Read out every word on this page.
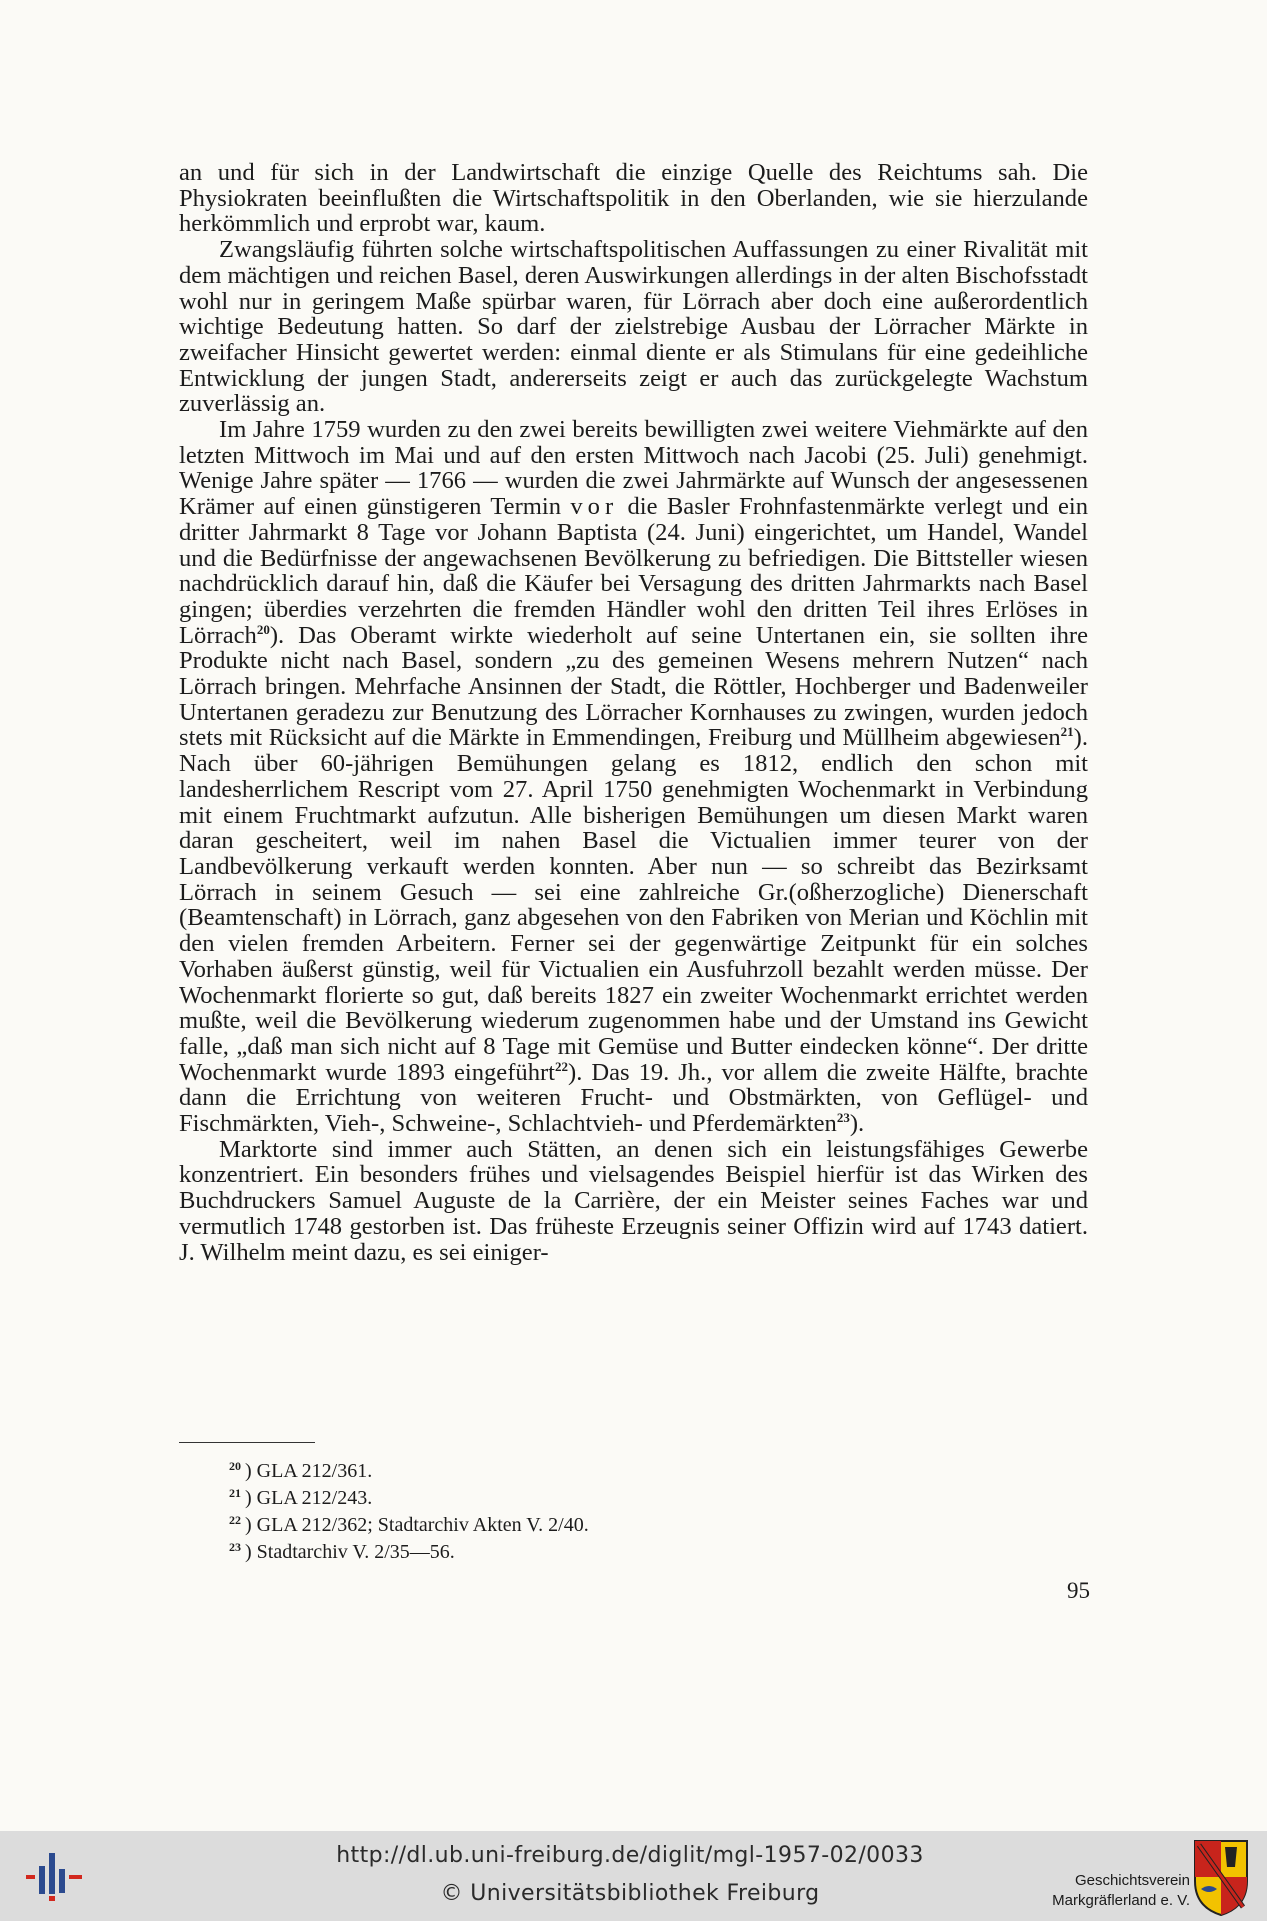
an und für sich in der Landwirtschaft die einzige Quelle des Reichtums sah. Die Physiokraten beeinflußten die Wirtschaftspolitik in den Oberlanden, wie sie hierzulande herkömmlich und erprobt war, kaum.

Zwangsläufig führten solche wirtschaftspolitischen Auffassungen zu einer Rivalität mit dem mächtigen und reichen Basel, deren Auswirkungen allerdings in der alten Bischofsstadt wohl nur in geringem Maße spürbar waren, für Lörrach aber doch eine außerordentlich wichtige Bedeutung hatten. So darf der zielstrebige Ausbau der Lörracher Märkte in zweifacher Hinsicht gewertet werden: einmal diente er als Stimulans für eine gedeihliche Entwicklung der jungen Stadt, andererseits zeigt er auch das zurückgelegte Wachstum zuverlässig an.

Im Jahre 1759 wurden zu den zwei bereits bewilligten zwei weitere Viehmärkte auf den letzten Mittwoch im Mai und auf den ersten Mittwoch nach Jacobi (25. Juli) genehmigt. Wenige Jahre später — 1766 — wurden die zwei Jahrmärkte auf Wunsch der angesessenen Krämer auf einen günstigeren Termin vor die Basler Frohnfastenmärkte verlegt und ein dritter Jahrmarkt 8 Tage vor Johann Baptista (24. Juni) eingerichtet, um Handel, Wandel und die Bedürfnisse der angewachsenen Bevölkerung zu befriedigen. Die Bittsteller wiesen nachdrücklich darauf hin, daß die Käufer bei Versagung des dritten Jahrmarkts nach Basel gingen; überdies verzehrten die fremden Händler wohl den dritten Teil ihres Erlöses in Lörrach$^{20}$). Das Oberamt wirkte wiederholt auf seine Untertanen ein, sie sollten ihre Produkte nicht nach Basel, sondern „zu des gemeinen Wesens mehrern Nutzen“ nach Lörrach bringen. Mehrfache Ansinnen der Stadt, die Röttler, Hochberger und Badenweiler Untertanen geradezu zur Benutzung des Lörracher Kornhauses zu zwingen, wurden jedoch stets mit Rücksicht auf die Märkte in Emmendingen, Freiburg und Müllheim abgewiesen$^{21}$). Nach über 60-jährigen Bemühungen gelang es 1812, endlich den schon mit landesherrlichem Rescript vom 27. April 1750 genehmigten Wochenmarkt in Verbindung mit einem Fruchtmarkt aufzutun. Alle bisherigen Bemühungen um diesen Markt waren daran gescheitert, weil im nahen Basel die Victualien immer teurer von der Landbevölkerung verkauft werden konnten. Aber nun — so schreibt das Bezirksamt Lörrach in seinem Gesuch — sei eine zahlreiche Gr.(oßherzogliche) Dienerschaft (Beamtenschaft) in Lörrach, ganz abgesehen von den Fabriken von Merian und Köchlin mit den vielen fremden Arbeitern. Ferner sei der gegenwärtige Zeitpunkt für ein solches Vorhaben äußerst günstig, weil für Victualien ein Ausfuhrzoll bezahlt werden müsse. Der Wochenmarkt florierte so gut, daß bereits 1827 ein zweiter Wochenmarkt errichtet werden mußte, weil die Bevölkerung wiederum zugenommen habe und der Umstand ins Gewicht falle, „daß man sich nicht auf 8 Tage mit Gemüse und Butter eindecken könne“. Der dritte Wochenmarkt wurde 1893 eingeführt$^{22}$). Das 19. Jh., vor allem die zweite Hälfte, brachte dann die Errichtung von weiteren Frucht- und Obstmärkten, von Geflügel- und Fischmärkten, Vieh-, Schweine-, Schlachtvieh- und Pferdemärkten$^{23}$).

Marktorte sind immer auch Stätten, an denen sich ein leistungsfähiges Gewerbe konzentriert. Ein besonders frühes und vielsagendes Beispiel hierfür ist das Wirken des Buchdruckers Samuel Auguste de la Carrière, der ein Meister seines Faches war und vermutlich 1748 gestorben ist. Das früheste Erzeugnis seiner Offizin wird auf 1743 datiert. J. Wilhelm meint dazu, es sei einiger-

$^{20}$ ) GLA 212/361.

$^{21}$ ) GLA 212/243.

$^{22}$ ) GLA 212/362; Stadtarchiv Akten V. 2/40.

$^{23}$ ) Stadtarchiv V. 2/35—56.

95
http://dl.ub.uni-freiburg.de/diglit/mgl-1957-02/0033
© Universitätsbibliothek Freiburg
Geschichtsverein
Markgräflerland e. V.
